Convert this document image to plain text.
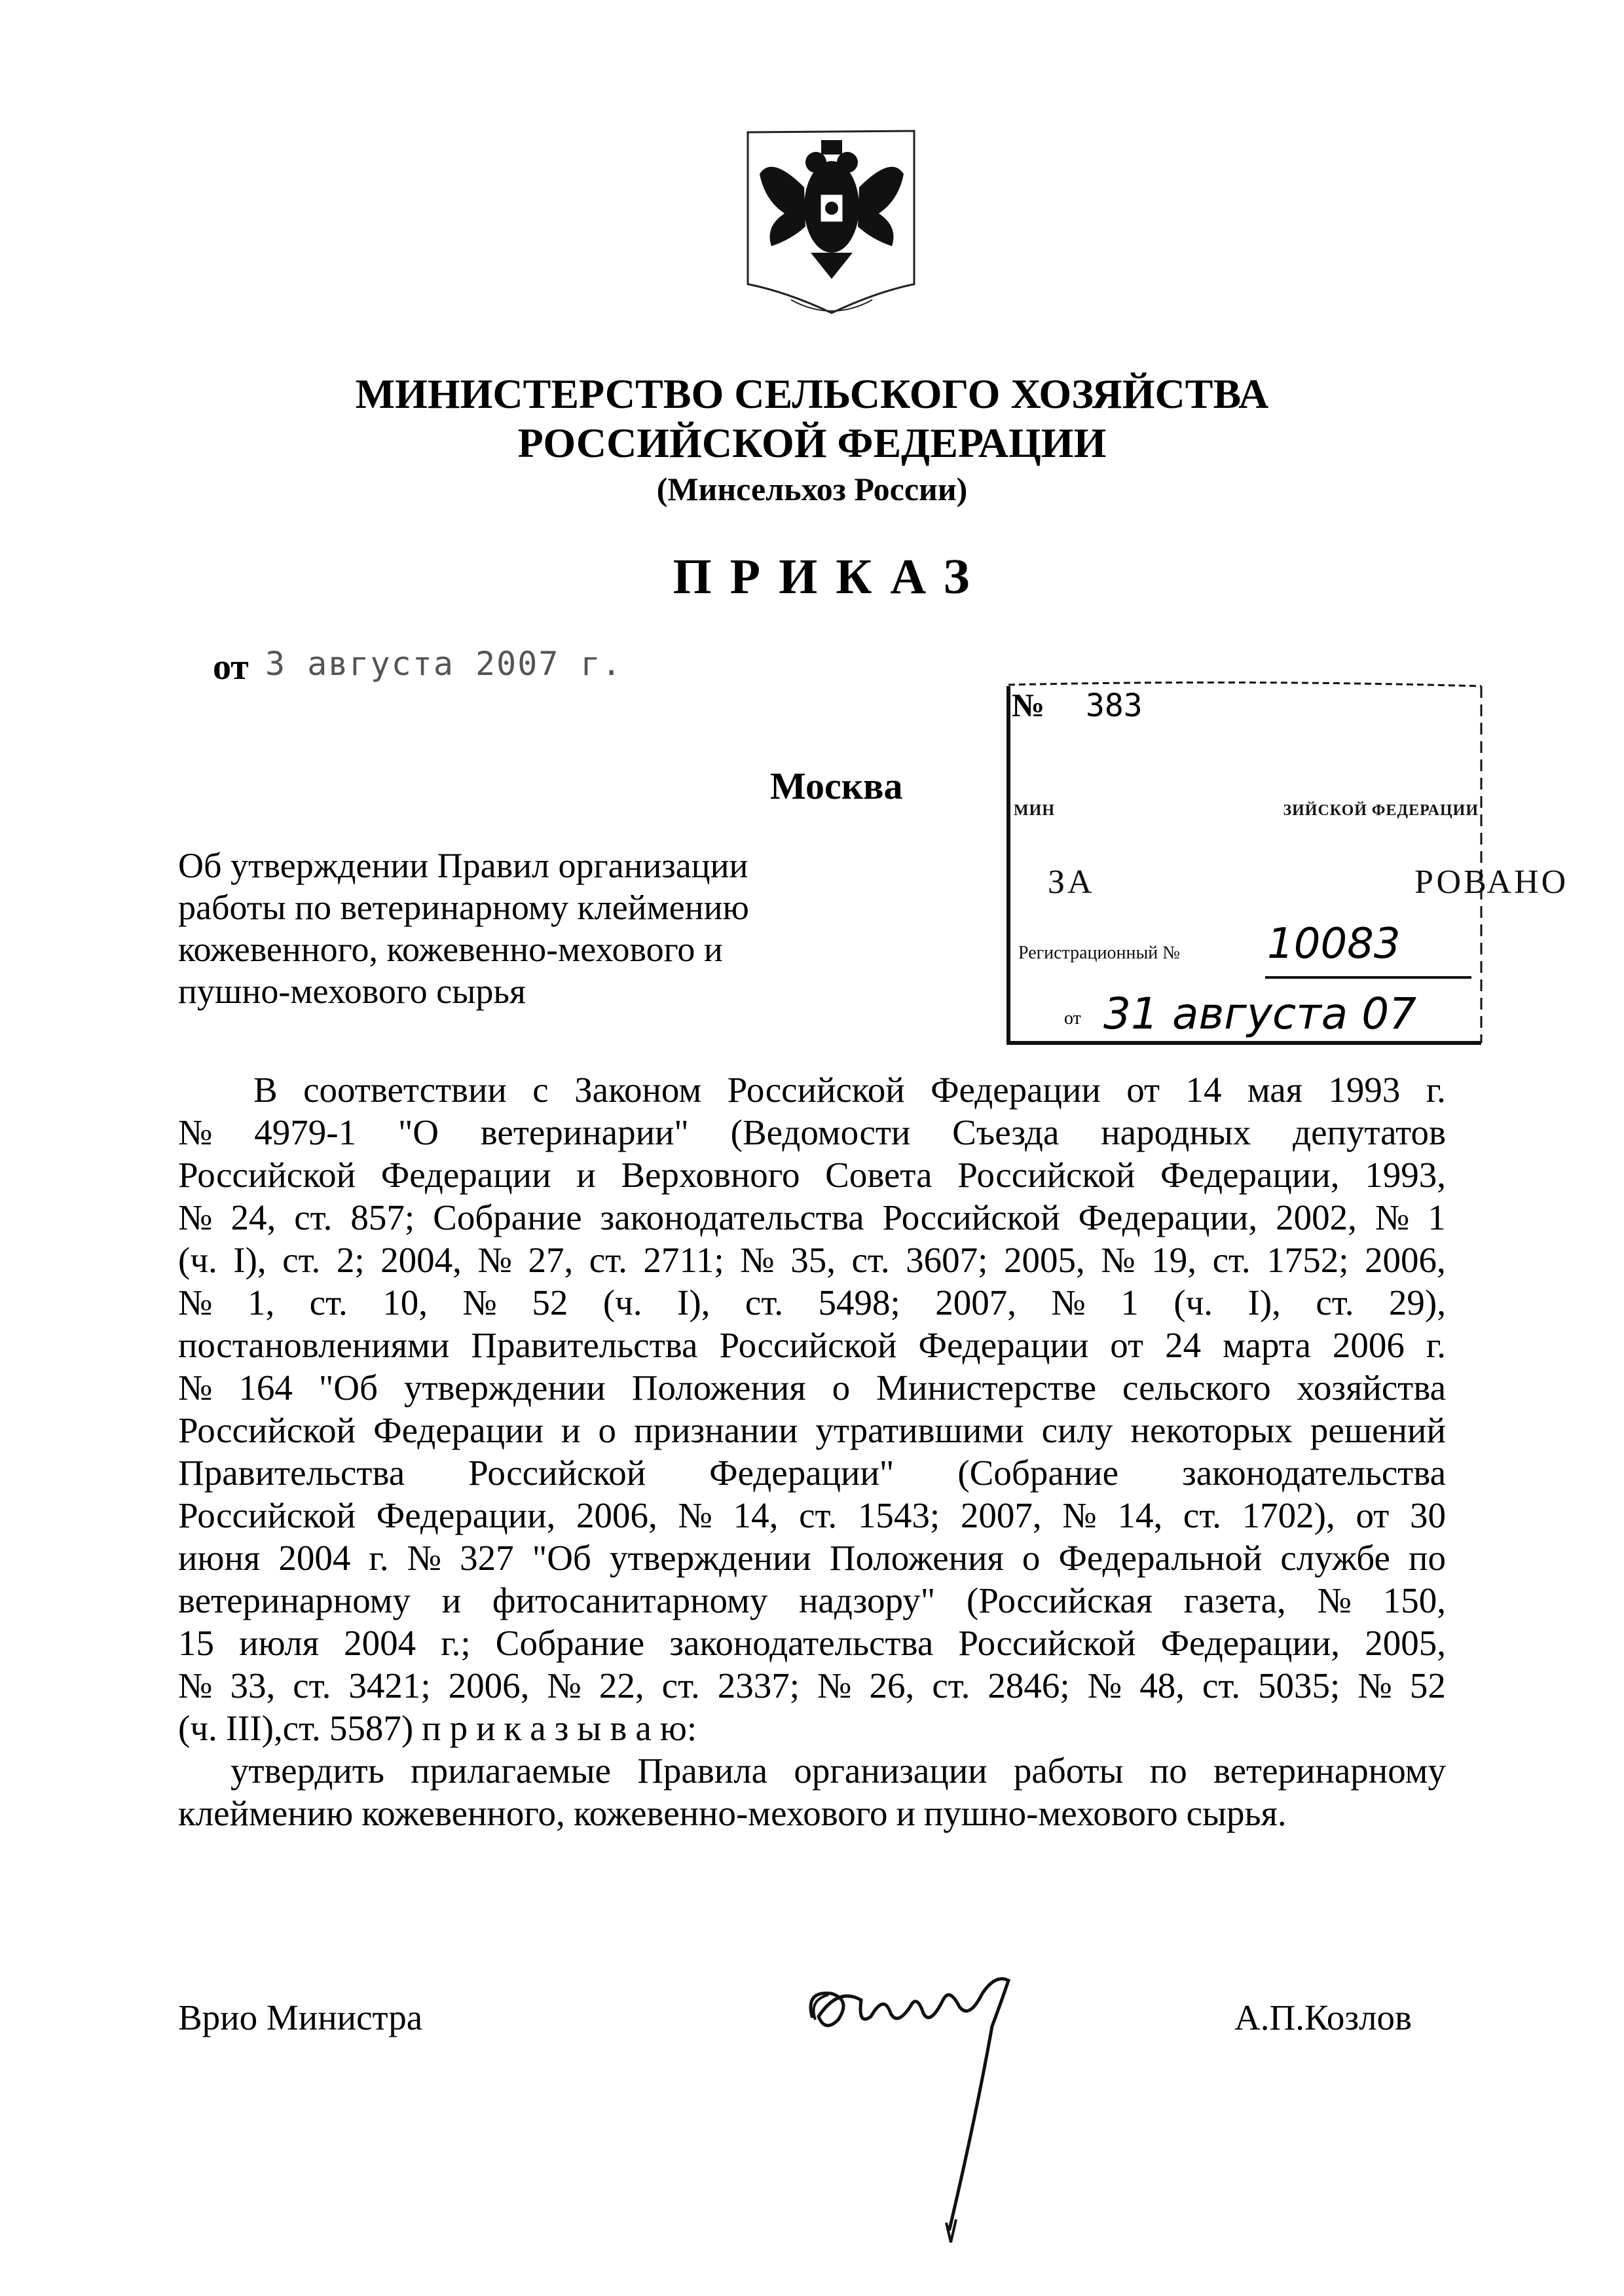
МИНИСТЕРСТВО СЕЛЬСКОГО ХОЗЯЙСТВА
РОССИЙСКОЙ ФЕДЕРАЦИИ
(Минсельхоз России)
ПРИКАЗ
от 3 августа 2007 г.
Москва
Об утверждении Правил организации
работы по ветеринарному клеймению
кожевенного, кожевенно-мехового и
пушно-мехового сырья
№ 383
МИН	ЗИЙСКОЙ ФЕДЕРАЦИИ
ЗА	РОВАНО
Регистрационный № 10083
от 31 августа 07
В соответствии с Законом Российской Федерации от 14 мая 1993 г.
№ 4979-1 "О ветеринарии" (Ведомости Съезда народных депутатов
Российской Федерации и Верховного Совета Российской Федерации, 1993,
№ 24, ст. 857; Собрание законодательства Российской Федерации, 2002, № 1
(ч. I), ст. 2; 2004, № 27, ст. 2711; № 35, ст. 3607; 2005, № 19, ст. 1752; 2006,
№ 1, ст. 10, № 52 (ч. I), ст. 5498; 2007, № 1 (ч. I), ст. 29),
постановлениями Правительства Российской Федерации от 24 марта 2006 г.
№ 164 "Об утверждении Положения о Министерстве сельского хозяйства
Российской Федерации и о признании утратившими силу некоторых решений
Правительства Российской Федерации" (Собрание законодательства
Российской Федерации, 2006, № 14, ст. 1543; 2007, № 14, ст. 1702), от 30
июня 2004 г. № 327 "Об утверждении Положения о Федеральной службе по
ветеринарному и фитосанитарному надзору" (Российская газета, № 150,
15 июля 2004 г.; Собрание законодательства Российской Федерации, 2005,
№ 33, ст. 3421; 2006, № 22, ст. 2337; № 26, ст. 2846; № 48, ст. 5035; № 52
(ч. III),ст. 5587) п р и к а з ы в а ю:
утвердить прилагаемые Правила организации работы по ветеринарному
клеймению кожевенного, кожевенно-мехового и пушно-мехового сырья.
Врио Министра	А.П.Козлов
